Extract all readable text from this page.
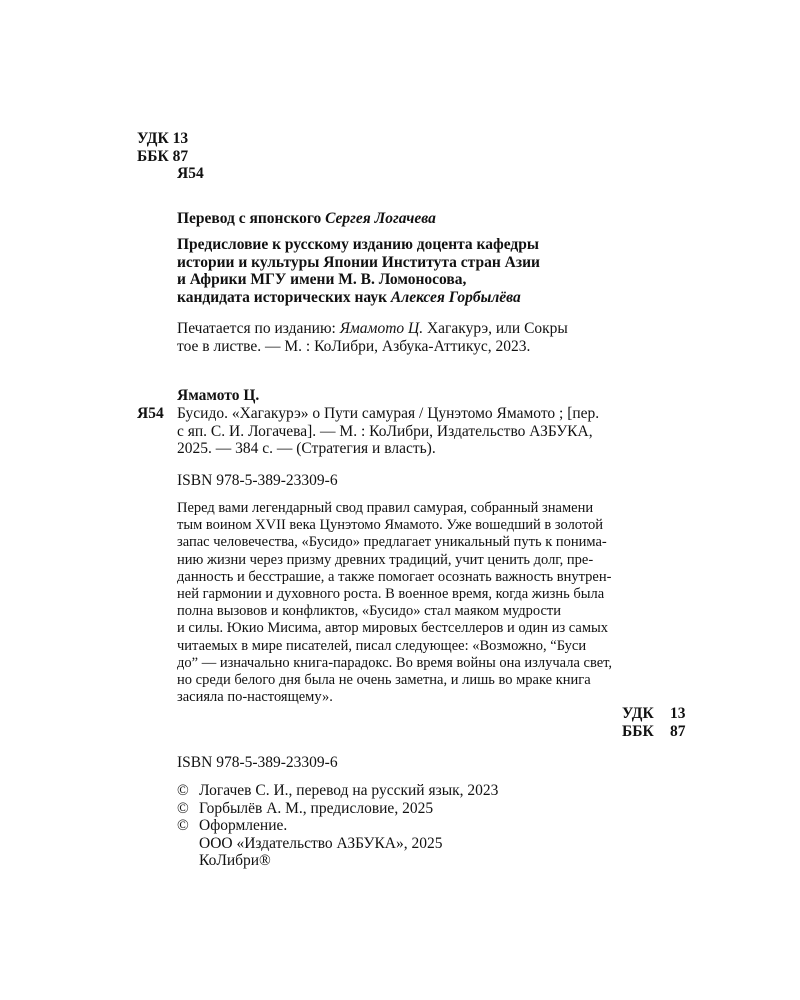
УДК 13
ББК 87
Я54
Перевод с японского Сергея Логачева
Предисловие к русскому изданию доцента кафедры
истории и культуры Японии Института стран Азии
и Африки МГУ имени М. В. Ломоносова,
кандидата исторических наук Алексея Горбылёва
Печатается по изданию: Ямамото Ц. Хагакурэ, или Сокры
тое в листве. — М. : КоЛибри, Азбука-Аттикус, 2023.
Ямамото Ц.
Я54 Бусидо. «Хагакурэ» о Пути самурая / Цунэтомо Ямамото ; [пер.
с яп. С. И. Логачева]. — М. : КоЛибри, Издательство АЗБУКА,
2025. — 384 с. — (Стратегия и власть).
ISBN 978-5-389-23309-6
Перед вами легендарный свод правил самурая, собранный знамени
тым воином XVII века Цунэтомо Ямамото. Уже вошедший в золотой
запас человечества, «Бусидо» предлагает уникальный путь к понима-
нию жизни через призму древних традиций, учит ценить долг, пре-
данность и бесстрашие, а также помогает осознать важность внутрен-
ней гармонии и духовного роста. В военное время, когда жизнь была
полна вызовов и конфликтов, «Бусидо» стал маяком мудрости
и силы. Юкио Мисима, автор мировых бестселлеров и один из самых
читаемых в мире писателей, писал следующее: «Возможно, “Буси
до” — изначально книга-парадокс. Во время войны она излучала свет,
но среди белого дня была не очень заметна, и лишь во мраке книга
засияла по-настоящему».
УДК 13
ББК 87
ISBN 978-5-389-23309-6
© Логачев С. И., перевод на русский язык, 2023
© Горбылёв А. М., предисловие, 2025
© Оформление.
ООО «Издательство АЗБУКА», 2025
КоЛибри®
